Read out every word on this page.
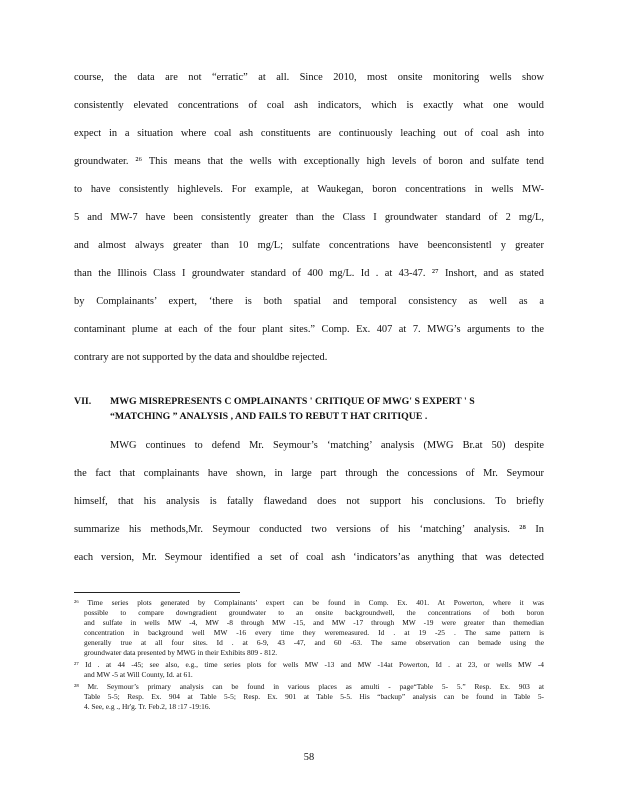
course, the data are not “erratic” at all. Since 2010, most onsite monitoring wells show
consistently elevated concentrations of coal ash indicators, which is exactly what one would
expect in a situation where coal ash constituents are continuously leaching out of coal ash into
groundwater. ²⁶ This means that the wells with exceptionally high levels of boron and sulfate tend
to have consistently highlevels. For example, at Waukegan, boron concentrations in wells MW-
5 and MW-7 have been consistently greater than the Class I groundwater standard of 2 mg/L,
and almost always greater than 10 mg/L; sulfate concentrations have beenconsistentl y greater
than the Illinois Class I groundwater standard of 400 mg/L. Id . at 43-47. ²⁷ Inshort, and as stated
by Complainants’ expert, ‘there is both spatial and temporal consistency as well as a
contaminant plume at each of the four plant sites.” Comp. Ex. 407 at 7. MWG’s arguments to the
contrary are not supported by the data and shouldbe rejected.
VII. MWG MISREPRESENTS C OMPLAINANTS ' CRITIQUE OF MWG' S EXPERT ' S
“MATCHING ” ANALYSIS , AND FAILS TO REBUT T HAT CRITIQUE .
MWG continues to defend Mr. Seymour’s ‘matching’ analysis (MWG Br.at 50) despite
the fact that complainants have shown, in large part through the concessions of Mr. Seymour
himself, that his analysis is fatally flawedand does not support his conclusions. To briefly
summarize his methods,Mr. Seymour conducted two versions of his ‘matching’ analysis. ²⁸ In
each version, Mr. Seymour identified a set of coal ash ‘indicators’as anything that was detected
²⁶ Time series plots generated by Complainants’ expert can be found in Comp. Ex. 401. At Powerton, where it was
possible to compare downgradient groundwater to an onsite backgroundwell, the concentrations of both boron
and sulfate in wells MW -4, MW -8 through MW -15, and MW -17 through MW -19 were greater than themedian
concentration in background well MW -16 every time they weremeasured. Id . at 19 -25 . The same pattern is
generally true at all four sites. Id . at 6-9, 43 -47, and 60 -63. The same observation can bemade using the
groundwater data presented by MWG in their Exhibits 809 - 812.
²⁷ Id . at 44 -45; see also, e.g., time series plots for wells MW -13 and MW -14at Powerton, Id . at 23, or wells MW -4
and MW -5 at Will County, Id. at 61.
²⁸ Mr. Seymour’s primary analysis can be found in various places as amulti - page“Table 5- 5.” Resp. Ex. 903 at
Table 5-5; Resp. Ex. 904 at Table 5-5; Resp. Ex. 901 at Table 5-5. His “backup” analysis can be found in Table 5-
4. See, e.g ., Hr'g. Tr. Feb.2, 18 :17 -19:16.
58
